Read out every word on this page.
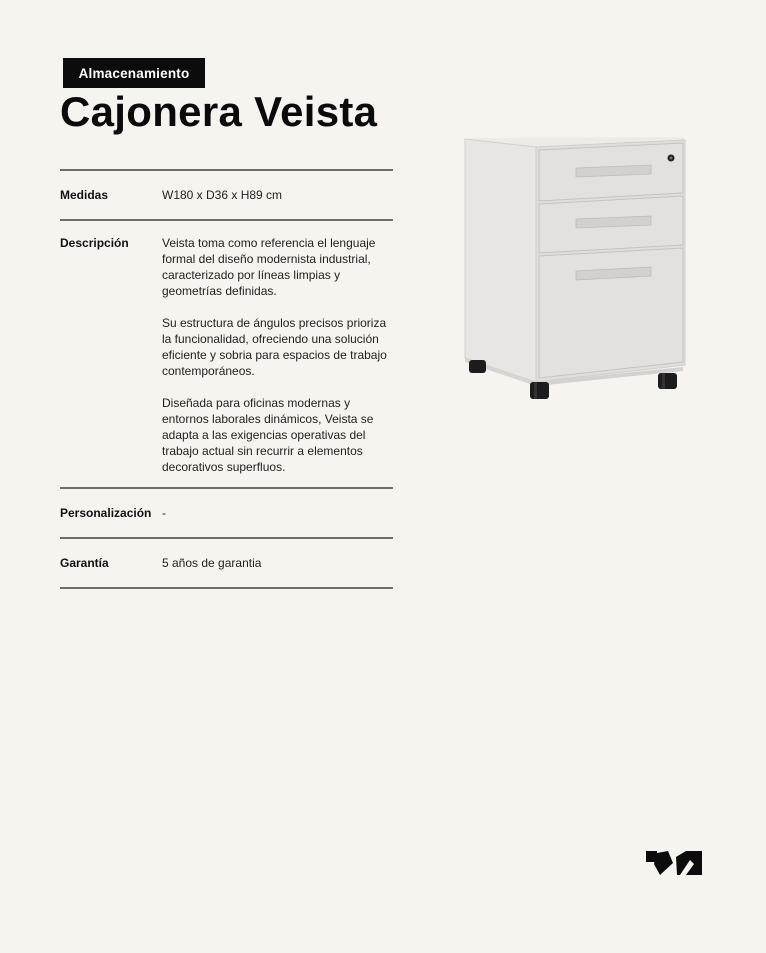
Almacenamiento
Cajonera Veista
Medidas	W180 x D36 x H89 cm
Descripción	Veista toma como referencia el lenguaje formal del diseño modernista industrial, caracterizado por líneas limpias y geometrías definidas.

Su estructura de ángulos precisos prioriza la funcionalidad, ofreciendo una solución eficiente y sobria para espacios de trabajo contemporáneos.

Diseñada para oficinas modernas y entornos laborales dinámicos, Veista se adapta a las exigencias operativas del trabajo actual sin recurrir a elementos decorativos superfluos.

Personalización -
Garantía	5 años de garantia
